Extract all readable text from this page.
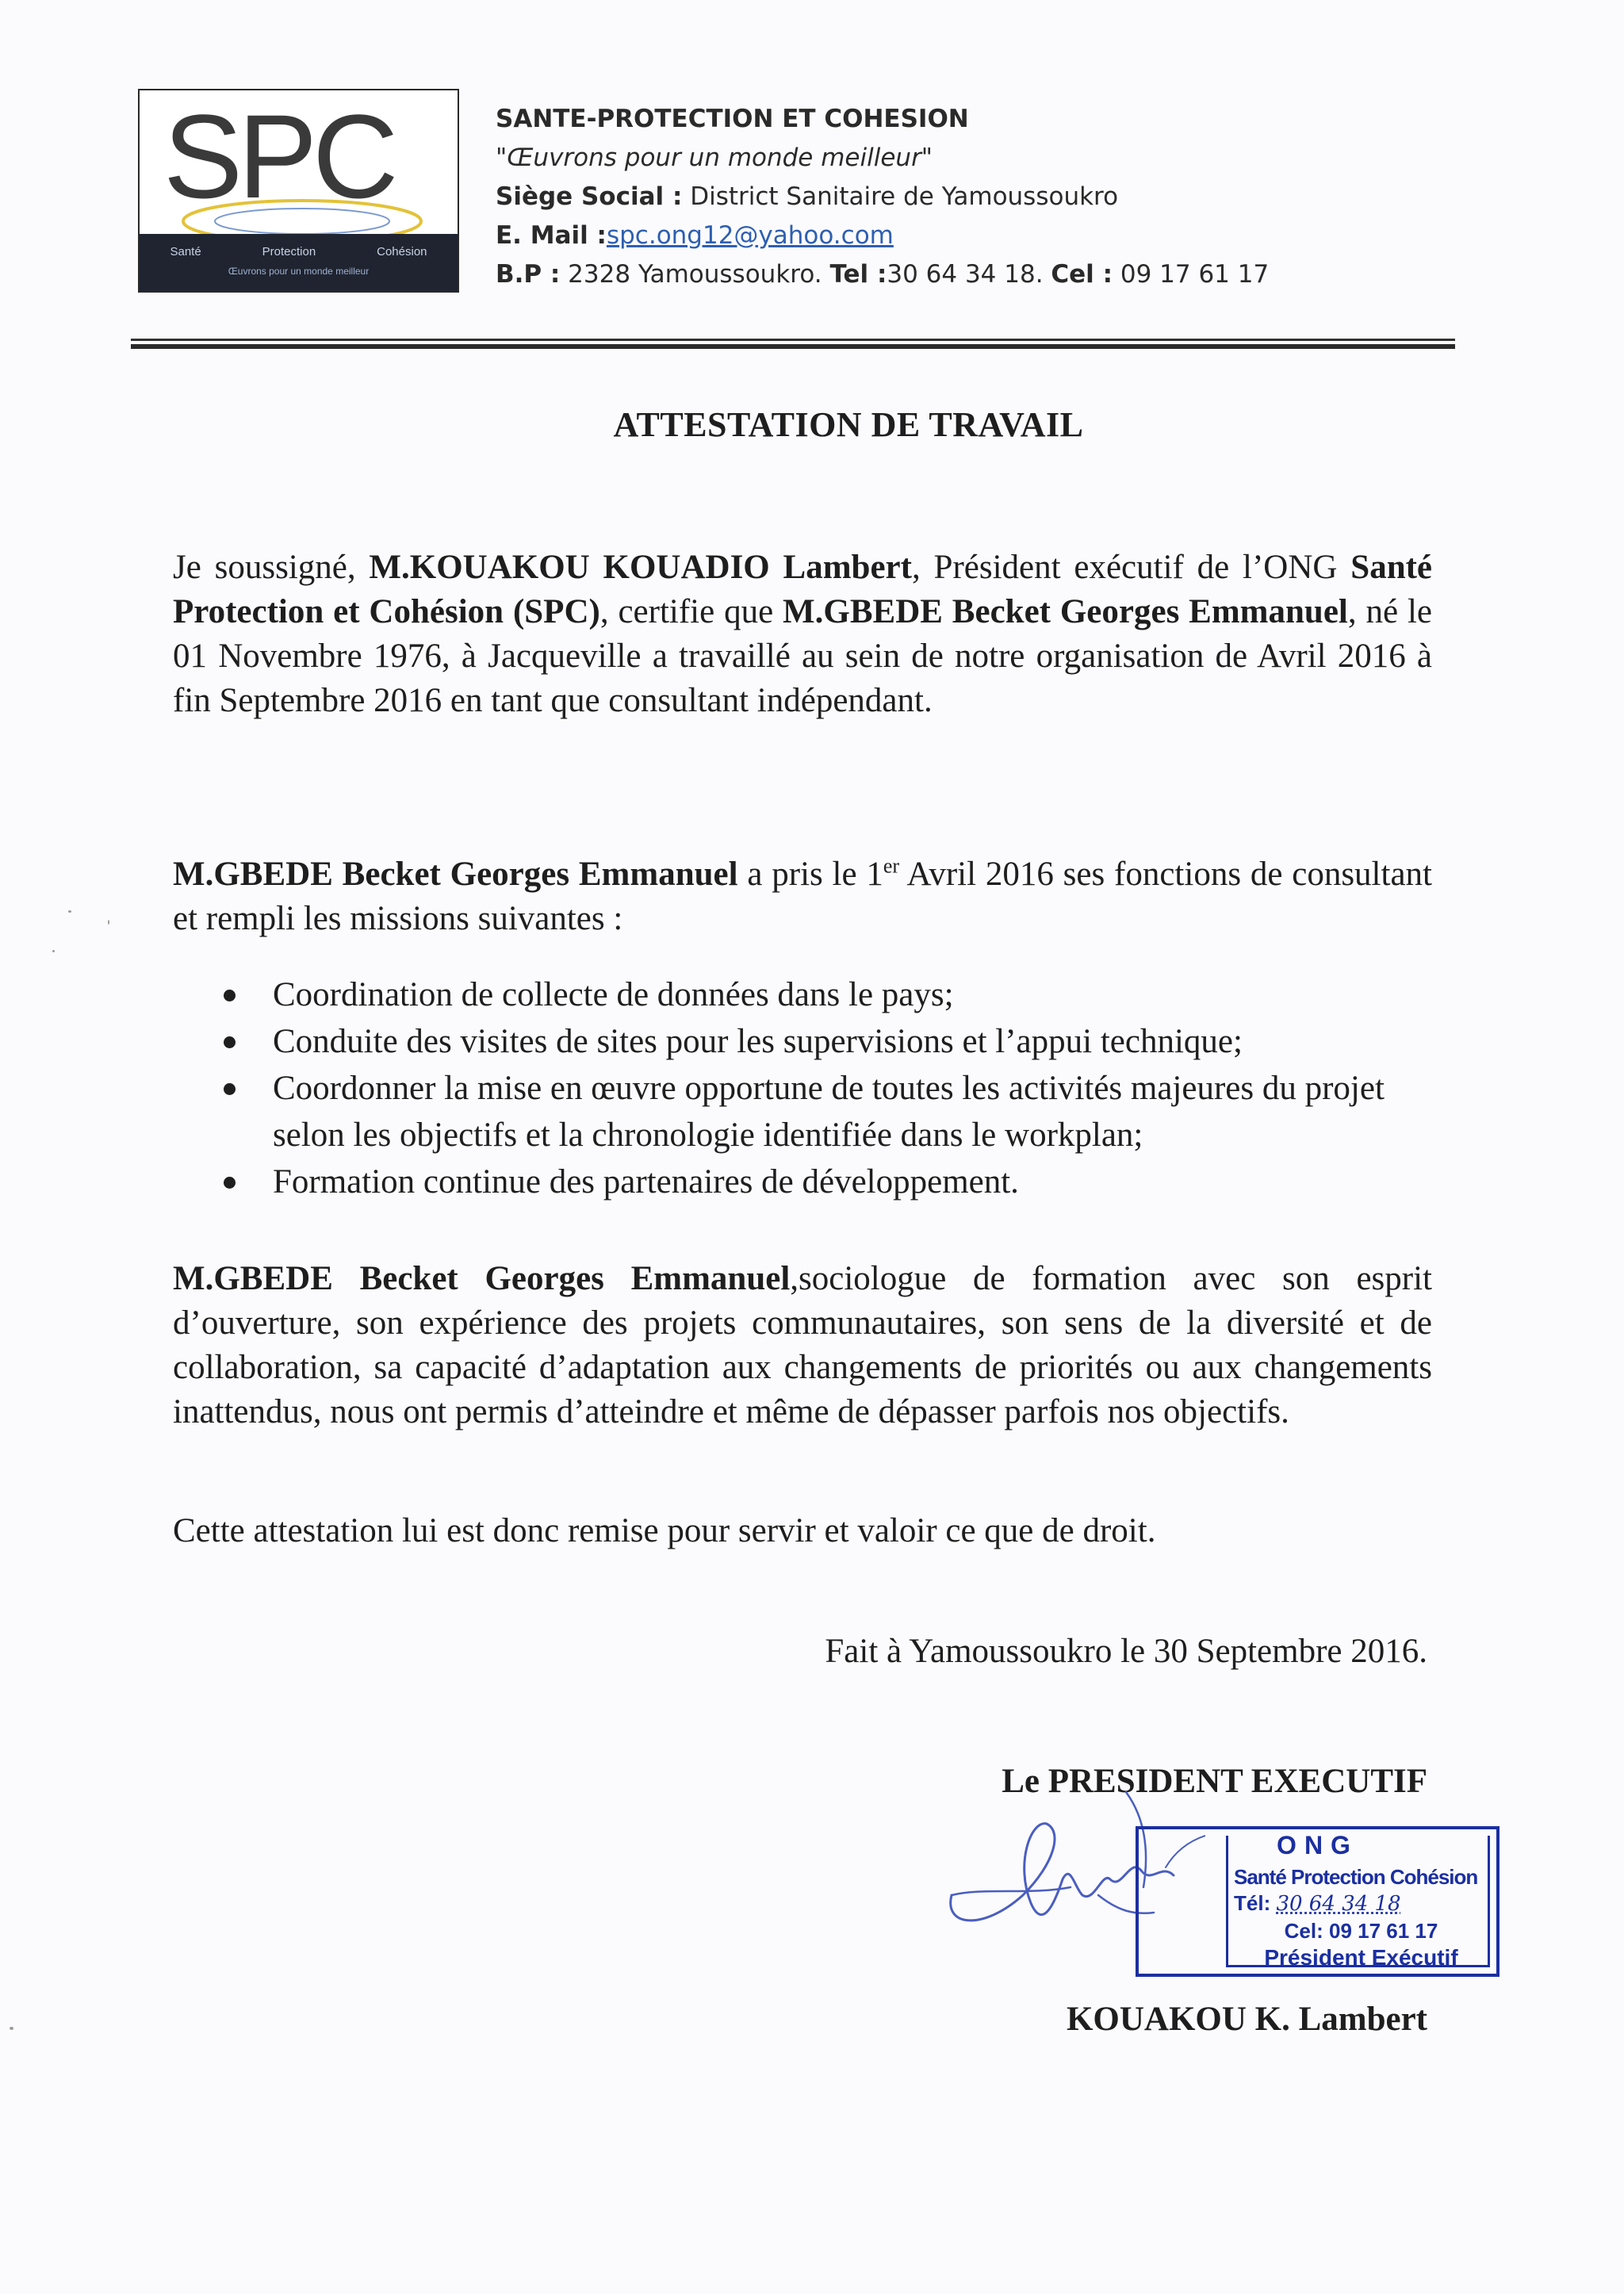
SPC
Santé	Protection	Cohésion
Œuvrons pour un monde meilleur
SANTE-PROTECTION ET COHESION
"Œuvrons pour un monde meilleur"
Siège Social : District Sanitaire de Yamoussoukro
E. Mail :spc.ong12@yahoo.com
B.P : 2328 Yamoussoukro. Tel :30 64 34 18. Cel : 09 17 61 17
ATTESTATION DE TRAVAIL
Je soussigné, M.KOUAKOU KOUADIO Lambert, Président exécutif de l’ONG Santé Protection et Cohésion (SPC), certifie que M.GBEDE Becket Georges Emmanuel, né le 01 Novembre 1976, à Jacqueville a travaillé au sein de notre organisation de Avril 2016 à fin Septembre 2016 en tant que consultant indépendant.
M.GBEDE Becket Georges Emmanuel a pris le 1er Avril 2016 ses fonctions de consultant et rempli les missions suivantes :
Coordination de collecte de données dans le pays;
Conduite des visites de sites pour les supervisions et l’appui technique;
Coordonner la mise en œuvre opportune de toutes les activités majeures du projet selon les objectifs et la chronologie identifiée dans le workplan;
Formation continue des partenaires de développement.
M.GBEDE Becket Georges Emmanuel,sociologue de formation avec son esprit d’ouverture, son expérience des projets communautaires, son sens de la diversité et de collaboration, sa capacité d’adaptation aux changements de priorités ou aux changements inattendus, nous ont permis d’atteindre et même de dépasser parfois nos objectifs.
Cette attestation lui est donc remise pour servir et valoir ce que de droit.
Fait à Yamoussoukro le 30 Septembre 2016.
Le PRESIDENT EXECUTIF
ONG
Santé Protection Cohésion
Tél: 30 64 34 18
Cel: 09 17 61 17
Président Exécutif
KOUAKOU K. Lambert
